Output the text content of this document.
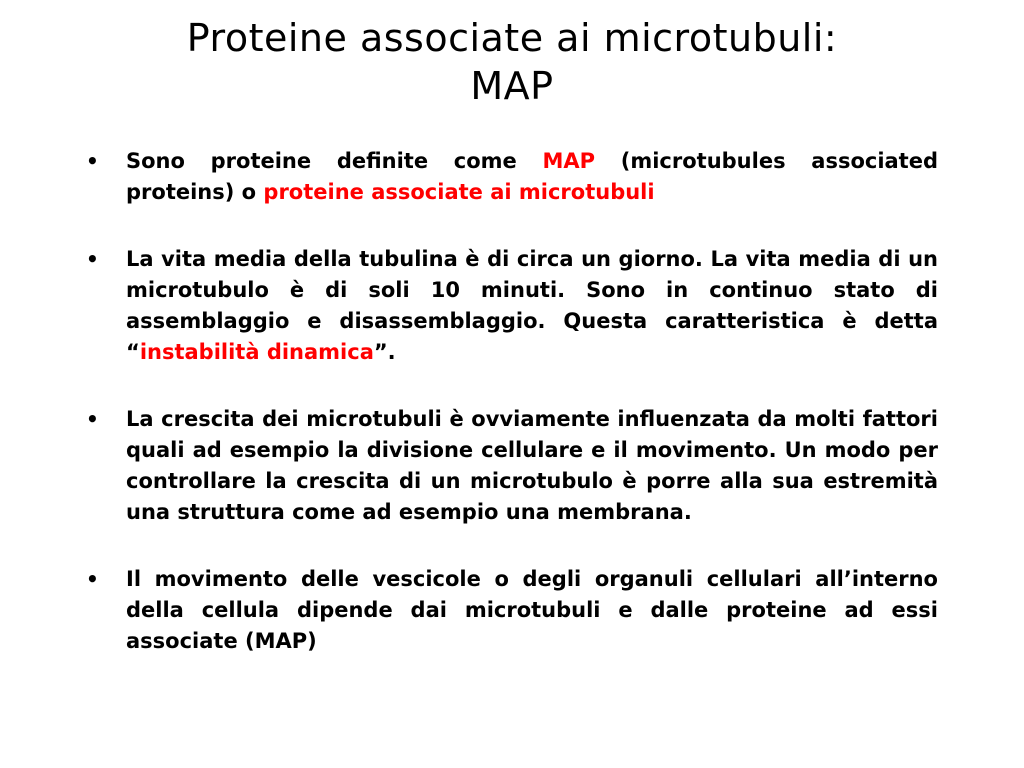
Proteine associate ai microtubuli:
MAP
• Sono proteine definite come MAP (microtubules associated proteins) o proteine associate ai microtubuli
• La vita media della tubulina è di circa un giorno. La vita media di un microtubulo è di soli 10 minuti. Sono in continuo stato di assemblaggio e disassemblaggio. Questa caratteristica è detta “instabilità dinamica”.
• La crescita dei microtubuli è ovviamente influenzata da molti fattori quali ad esempio la divisione cellulare e il movimento. Un modo per controllare la crescita di un microtubulo è porre alla sua estremità una struttura come ad esempio una membrana.
• Il movimento delle vescicole o degli organuli cellulari all’interno della cellula dipende dai microtubuli e dalle proteine ad essi associate (MAP)
